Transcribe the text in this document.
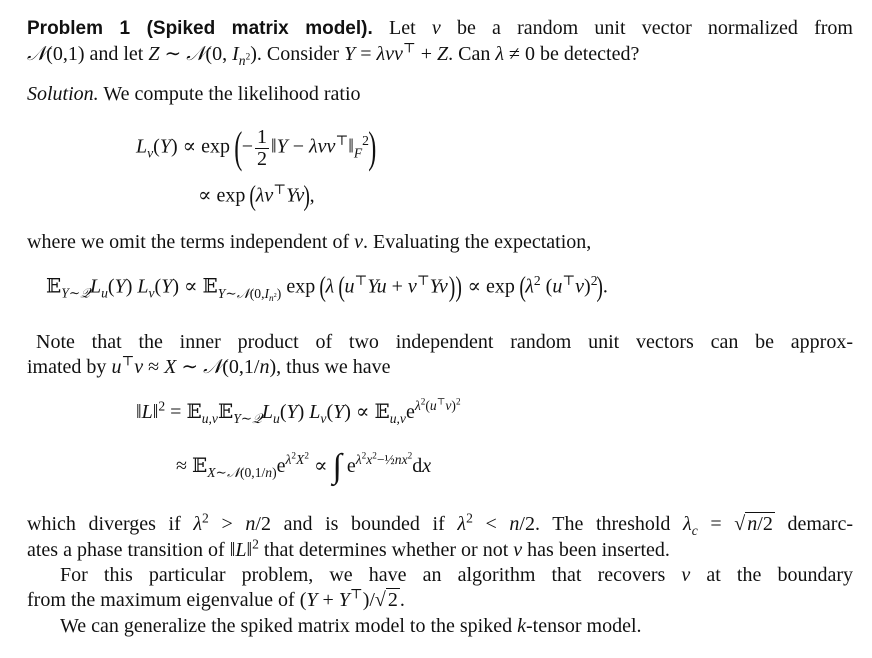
Problem 1 (Spiked matrix model). Let v be a random unit vector normalized from
𝒩(0,1) and let Z ∼ 𝒩(0, $I_{n^2}$). Consider Y = λvv⊤ + Z. Can λ ≠ 0 be detected?
Solution. We compute the likelihood ratio
$L_v(Y) \propto \exp$ (− $\frac{1}{2}$ ‖Y − $\lambda vv^⊤‖_F^2$)
∝ exp (λv⊤Yv),
where we omit the terms independent of v. Evaluating the expectation,
$𝔼_{Y\sim 𝒬}L_u(Y) L_v(Y)$ ∝ 𝔼$_{Y\sim 𝒩(0,I_{n^2})}$ exp (λ $(u^⊤Yu + v^⊤Yv)) \propto \exp (\lambda^2$ $(u^⊤v)^2$).
Note that the inner product of two independent random unit vectors can be approx-
imated by u⊤v ≈ X ∼ 𝒩(0,1/n), thus we have
‖L‖$^2$ = $𝔼_{u,v}𝔼_{Y\sim 𝒬}L_u(Y) L_v(Y)$ ∝ $𝔼_{u,v}e^{\lambda^2(u^⊤v)^2}$
≈ $𝔼_{X\sim 𝒩(0,1/n)}e^{\lambda^2X^2}$ ∝ ∫ $e^{\lambda^2x^2-\frac{1}{2}nx^2}dx$
which diverges if $\lambda^2 > n/2$ and is bounded if $\lambda^2 < n/2$. The threshold $\lambda_c$ = √ n/2 demarc-
ates a phase transition of ‖L‖$^2$ that determines whether or not v has been inserted.
For this particular problem, we have an algorithm that recovers v at the boundary
from the maximum eigenvalue of (Y + Y⊤)/√ 2 .
We can generalize the spiked matrix model to the spiked k-tensor model.
